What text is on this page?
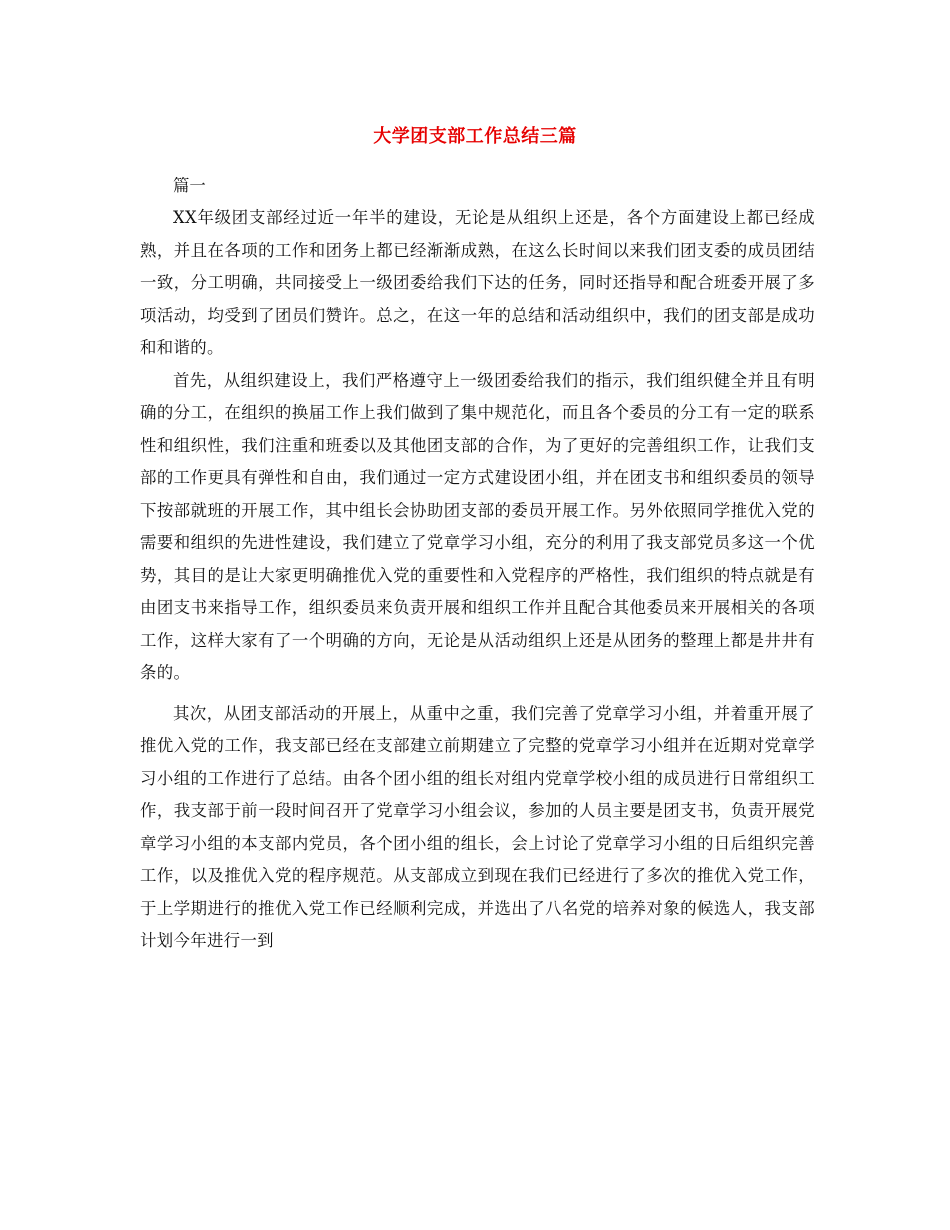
大学团支部工作总结三篇

篇一

XX年级团支部经过近一年半的建设，无论是从组织上还是，各个方面建设上都已经成熟，并且在各项的工作和团务上都已经渐渐成熟，在这么长时间以来我们团支委的成员团结一致，分工明确，共同接受上一级团委给我们下达的任务，同时还指导和配合班委开展了多项活动，均受到了团员们赞许。总之，在这一年的总结和活动组织中，我们的团支部是成功和和谐的。

首先，从组织建设上，我们严格遵守上一级团委给我们的指示，我们组织健全并且有明确的分工，在组织的换届工作上我们做到了集中规范化，而且各个委员的分工有一定的联系性和组织性，我们注重和班委以及其他团支部的合作，为了更好的完善组织工作，让我们支部的工作更具有弹性和自由，我们通过一定方式建设团小组，并在团支书和组织委员的领导下按部就班的开展工作，其中组长会协助团支部的委员开展工作。另外依照同学推优入党的需要和组织的先进性建设，我们建立了党章学习小组，充分的利用了我支部党员多这一个优势，其目的是让大家更明确推优入党的重要性和入党程序的严格性，我们组织的特点就是有由团支书来指导工作，组织委员来负责开展和组织工作并且配合其他委员来开展相关的各项工作，这样大家有了一个明确的方向，无论是从活动组织上还是从团务的整理上都是井井有条的。

其次，从团支部活动的开展上，从重中之重，我们完善了党章学习小组，并着重开展了推优入党的工作，我支部已经在支部建立前期建立了完整的党章学习小组并在近期对党章学习小组的工作进行了总结。由各个团小组的组长对组内党章学校小组的成员进行日常组织工作，我支部于前一段时间召开了党章学习小组会议，参加的人员主要是团支书，负责开展党章学习小组的本支部内党员，各个团小组的组长，会上讨论了党章学习小组的日后组织完善工作，以及推优入党的程序规范。从支部成立到现在我们已经进行了多次的推优入党工作，于上学期进行的推优入党工作已经顺利完成，并选出了八名党的培养对象的候选人，我支部计划今年进行一到
